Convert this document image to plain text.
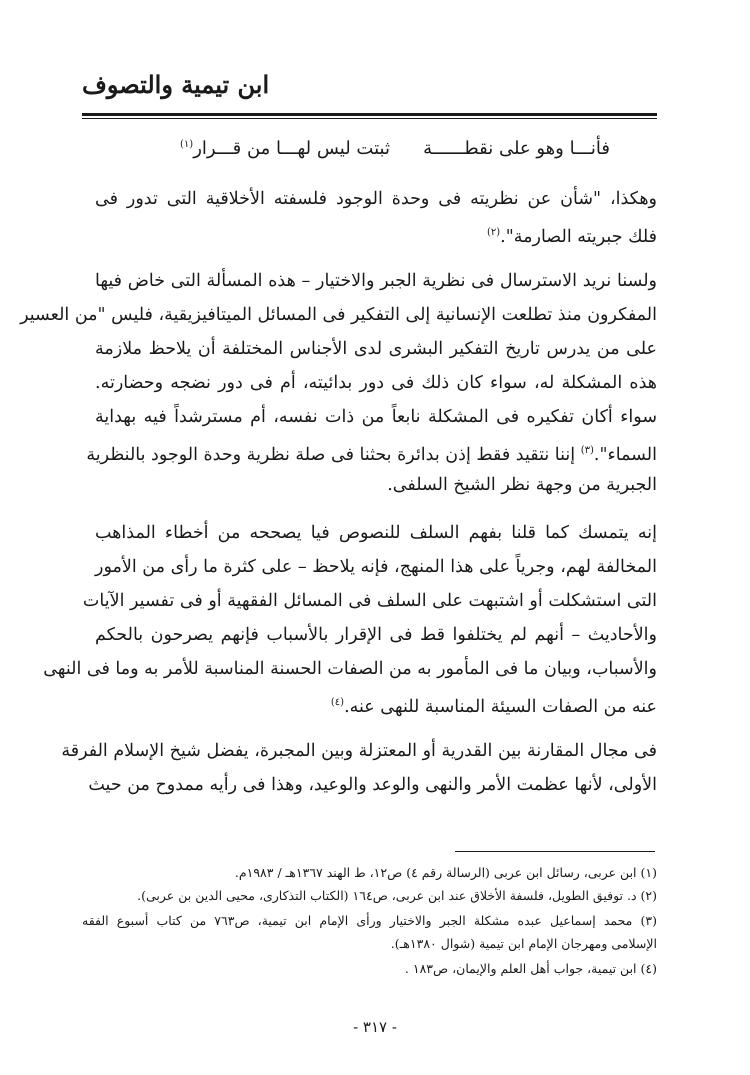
ابن تيمية والتصوف
فأنـــا وهو على نقطــــــة
ثبتت ليس لهـــا من قـــرار$^{(١)}$
وهكذا، "شأن عن نظريته فى وحدة الوجود فلسفته الأخلاقية التى تدور فى
فلك جبريته الصارمة".$^{(٢)}$
ولسنا نريد الاسترسال فى نظرية الجبر والاختيار – هذه المسألة التى خاض فيها
المفكرون منذ تطلعت الإنسانية إلى التفكير فى المسائل الميتافيزيقية، فليس "من العسير
على من يدرس تاريخ التفكير البشرى لدى الأجناس المختلفة أن يلاحظ ملازمة
هذه المشكلة له، سواء كان ذلك فى دور بدائيته، أم فى دور نضجه وحضارته.
سواء أكان تفكيره فى المشكلة نابعاً من ذات نفسه، أم مسترشداً فيه بهداية
السماء".$^{(٣)}$ إننا نتقيد فقط إذن بدائرة بحثنا فى صلة نظرية وحدة الوجود بالنظرية
الجبرية من وجهة نظر الشيخ السلفى.
إنه يتمسك كما قلنا بفهم السلف للنصوص فيا يصححه من أخطاء المذاهب
المخالفة لهم، وجرياً على هذا المنهج، فإنه يلاحظ – على كثرة ما رأى من الأمور
التى استشكلت أو اشتبهت على السلف فى المسائل الفقهية أو فى تفسير الآيات
والأحاديث – أنهم لم يختلفوا قط فى الإقرار بالأسباب فإنهم يصرحون بالحكم
والأسباب، وبيان ما فى المأمور به من الصفات الحسنة المناسبة للأمر به وما فى النهى
عنه من الصفات السيئة المناسبة للنهى عنه.$^{(٤)}$
فى مجال المقارنة بين القدرية أو المعتزلة وبين المجبرة، يفضل شيخ الإسلام الفرقة
الأولى، لأنها عظمت الأمر والنهى والوعد والوعيد، وهذا فى رأيه ممدوح من حيث
(١) ابن عربى، رسائل ابن عربى (الرسالة رقم ٤) ص١٢، ط الهند ١٣٦٧هـ / ١٩٨٣م.
(٢) د. توفيق الطويل، فلسفة الأخلاق عند ابن عربى، ص١٦٤ (الكتاب التذكارى، محيى الدين بن عربى).
(٣) محمد إسماعيل عبده مشكلة الجبر والاختيار ورأى الإمام ابن تيمية، ص٧٦٣ من كتاب أسبوع الفقه
الإسلامى ومهرجان الإمام ابن تيمية (شوال ١٣٨٠هـ).
(٤) ابن تيمية، جواب أهل العلم والإيمان، ص١٨٣ .
- ٣١٧ -
